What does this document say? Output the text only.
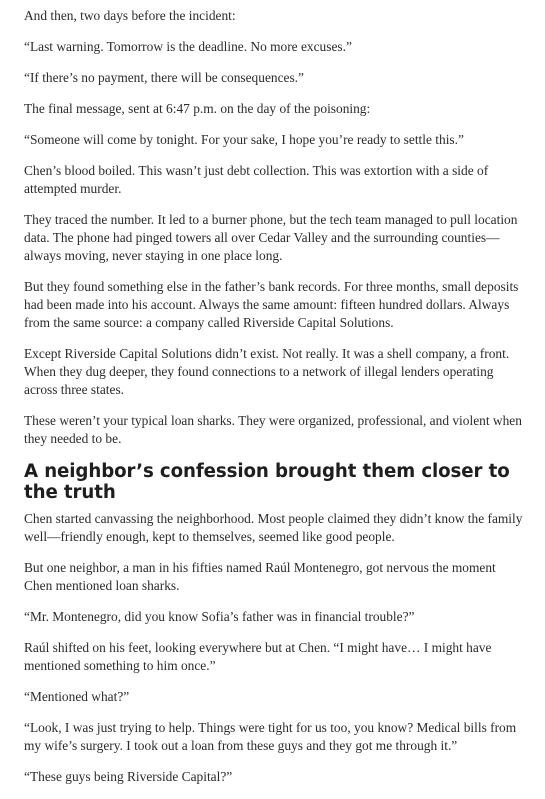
And then, two days before the incident:

“Last warning. Tomorrow is the deadline. No more excuses.”

“If there’s no payment, there will be consequences.”

The final message, sent at 6:47 p.m. on the day of the poisoning:

“Someone will come by tonight. For your sake, I hope you’re ready to settle this.”

Chen’s blood boiled. This wasn’t just debt collection. This was extortion with a side of attempted murder.

They traced the number. It led to a burner phone, but the tech team managed to pull location data. The phone had pinged towers all over Cedar Valley and the surrounding counties—always moving, never staying in one place long.

But they found something else in the father’s bank records. For three months, small deposits had been made into his account. Always the same amount: fifteen hundred dollars. Always from the same source: a company called Riverside Capital Solutions.

Except Riverside Capital Solutions didn’t exist. Not really. It was a shell company, a front. When they dug deeper, they found connections to a network of illegal lenders operating across three states.

These weren’t your typical loan sharks. They were organized, professional, and violent when they needed to be.

A neighbor’s confession brought them closer to the truth

Chen started canvassing the neighborhood. Most people claimed they didn’t know the family well—friendly enough, kept to themselves, seemed like good people.

But one neighbor, a man in his fifties named Raúl Montenegro, got nervous the moment Chen mentioned loan sharks.

“Mr. Montenegro, did you know Sofia’s father was in financial trouble?”

Raúl shifted on his feet, looking everywhere but at Chen. “I might have… I might have mentioned something to him once.”

“Mentioned what?”

“Look, I was just trying to help. Things were tight for us too, you know? Medical bills from my wife’s surgery. I took out a loan from these guys and they got me through it.”

“These guys being Riverside Capital?”
